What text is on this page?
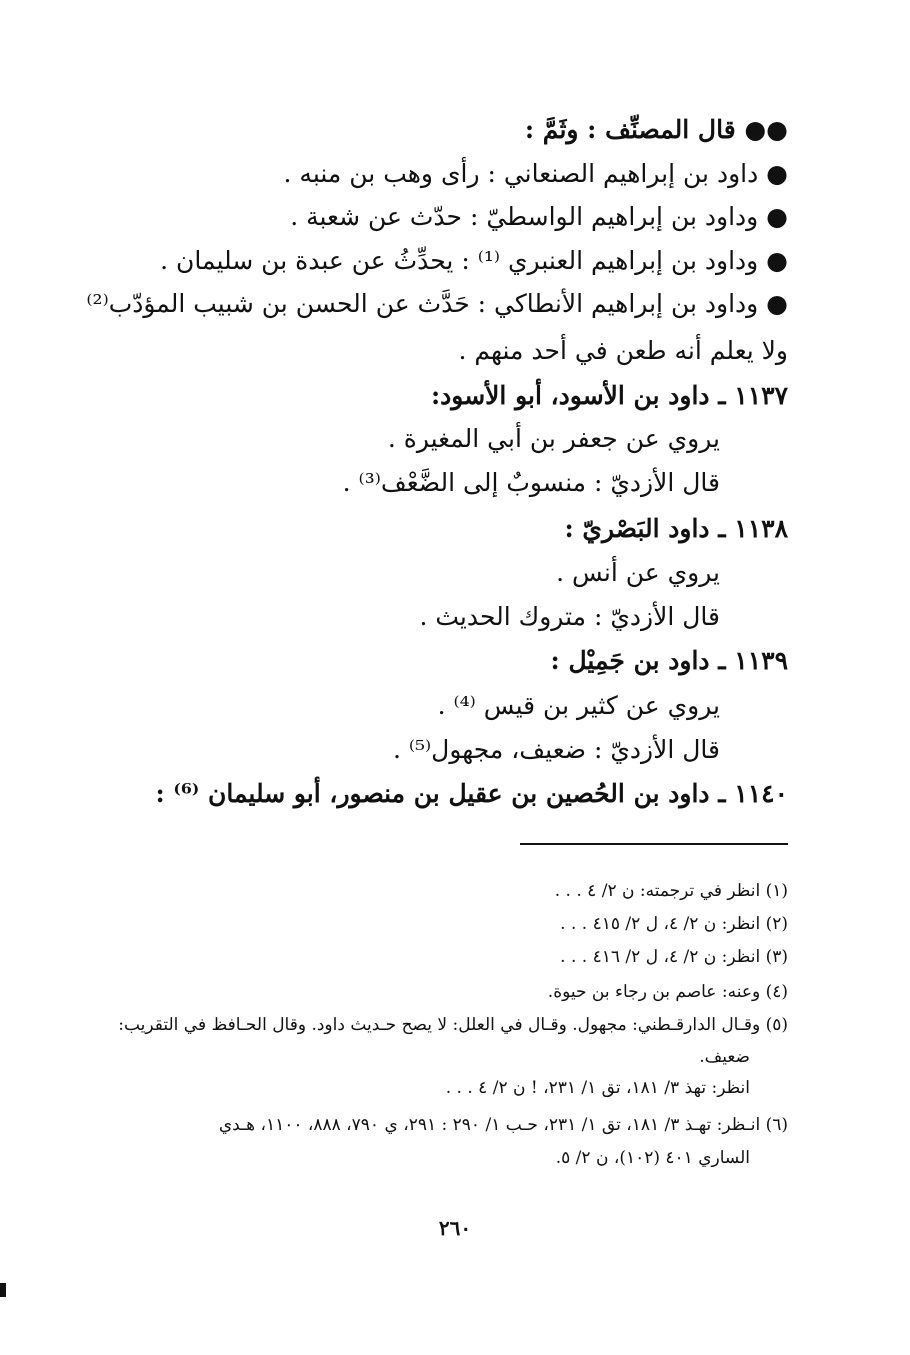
●● قال المصنِّف : وثَمَّ :
● داود بن إبراهيم الصنعاني : رأى وهب بن منبه .
● وداود بن إبراهيم الواسطيّ : حدّث عن شعبة .
● وداود بن إبراهيم العنبري ⁽¹⁾ : يحدِّثُ عن عبدة بن سليمان .
● وداود بن إبراهيم الأنطاكي : حَدَّث عن الحسن بن شبيب المؤدّب⁽²⁾
ولا يعلم أنه طعن في أحد منهم .
١١٣٧ ـ داود بن الأسود، أبو الأسود:
يروي عن جعفر بن أبي المغيرة .
قال الأزديّ : منسوبٌ إلى الضَّعْف⁽³⁾ .
١١٣٨ ـ داود البَصْريّ :
يروي عن أنس .
قال الأزديّ : متروك الحديث .
١١٣٩ ـ داود بن جَمِيْل :
يروي عن كثير بن قيس ⁽⁴⁾ .
قال الأزديّ : ضعيف، مجهول⁽⁵⁾ .
١١٤٠ ـ داود بن الحُصين بن عقيل بن منصور، أبو سليمان ⁽⁶⁾ :
(١) انظر في ترجمته: ن ٢/ ٤ . . .
(٢) انظر: ن ٢/ ٤، ل ٢/ ٤١٥ . . .
(٣) انظر: ن ٢/ ٤، ل ٢/ ٤١٦ . . .
(٤) وعنه: عاصم بن رجاء بن حيوة.
(٥) وقـال الدارقـطني: مجهول. وقـال في العلل: لا يصح حـديث داود. وقال الحـافظ في التقريب:
ضعيف.
انظر: تهذ ٣/ ١٨١، تق ١/ ٢٣١، ! ن ٢/ ٤ . . .
(٦) انـظر: تهـذ ٣/ ١٨١، تق ١/ ٢٣١، حـب ١/ ٢٩٠ : ٢٩١، ي ٧٩٠، ٨٨٨، ١١٠٠، هـدي
الساري ٤٠١ (١٠٢)، ن ٢/ ٥.
٢٦٠
